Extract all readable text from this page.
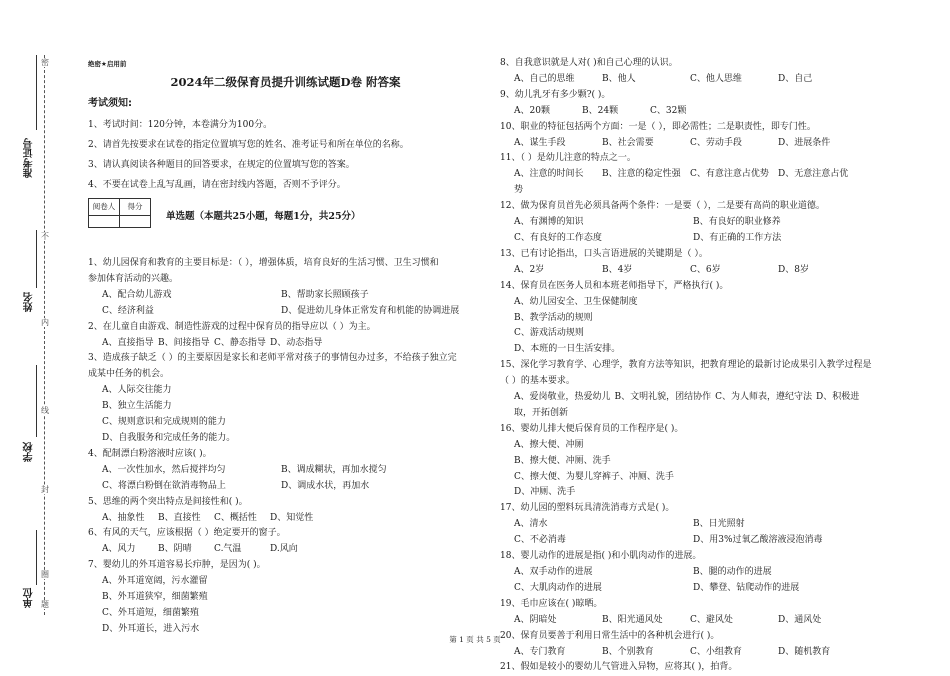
准考证号
姓名
学校
单位
密
不
内
线
封
圈
题

绝密★启用前

2024年二级保育员提升训练试题D卷 附答案

考试须知:

1、考试时间：120分钟，本卷满分为100分。

2、请首先按要求在试卷的指定位置填写您的姓名、准考证号和所在单位的名称。

3、请认真阅读各种题目的回答要求，在规定的位置填写您的答案。

4、不要在试卷上乱写乱画，请在密封线内答题，否则不予评分。

阅卷人	得分

单选题（本题共25小题，每题1分，共25分）

1、幼儿园保育和教育的主要目标是：（ ），增强体质，培育良好的生活习惯、卫生习惯和

参加体育活动的兴趣。

A、配合幼儿游戏	B、帮助家长照顾孩子

C、经济利益	D、促进幼儿身体正常发育和机能的协调进展

2、在儿童自由游戏、制造性游戏的过程中保育员的指导应以（ ）为主。

A、直接指导 B、间接指导 C、静态指导 D、动态指导

3、造成孩子缺乏（ ）的主要原因是家长和老师平常对孩子的事情包办过多，不给孩子独立完

成某中任务的机会。

A、人际交往能力

B、独立生活能力

C、规则意识和完成规则的能力

D、自我服务和完成任务的能力。

4、配制漂白粉溶液时应该( )。

A、一次性加水，然后搅拌均匀	B、调成糊状，再加水搅匀

C、将漂白粉倒在欲消毒物品上	D、调成水状，再加水

5、思维的两个突出特点是间接性和( )。

A、抽象性 B、直接性 C、概括性 D、知觉性

6、有风的天气，应该根据（ ）绝定要开的窗子。

A、风力	B、阴晴 C.气温	D.风向

7、婴幼儿的外耳道容易长疖肿，是因为( )。

A、外耳道宽阔，污水灌留

B、外耳道狭窄，细菌繁殖

C、外耳道短，细菌繁殖

D、外耳道长，进入污水

8、自我意识就是人对( )和自己心理的认识。

A、自己的思维	B、他人	C、他人思维	D、自己

9、幼儿乳牙有多少颗?( )。

A、20颗	B、24颗	C、32颗

10、职业的特征包括两个方面：一是（ ），即必需性；二是职责性，即专门性。

A、谋生手段	B、社会需要	C、劳动手段	D、进展条件

11、（ ）是幼儿注意的特点之一。

A、注意的时间长 B、注意的稳定性强 C、有意注意占优势 D、无意注意占优

势

12、做为保育员首先必须具备两个条件：一是要（ ），二是要有高尚的职业道德。

A、有渊博的知识	B、有良好的职业修养

C、有良好的工作态度	D、有正确的工作方法

13、已有讨论指出，口头言语进展的关键期是（ ）。

A、2岁	B、4岁	C、6岁	D、8岁

14、保育员在医务人员和本班老师指导下，严格执行( )。

A、幼儿园安全、卫生保健制度

B、教学活动的规则

C、游戏活动规则

D、本班的一日生活安排。

15、深化学习教育学、心理学，教育方法等知识，把教育理论的最新讨论成果引入教学过程是

（ ）的基本要求。

A、爱岗敬业，热爱幼儿 B、文明礼貌，团结协作 C、为人师表，遵纪守法 D、积极进

取，开拓创新

16、婴幼儿排大便后保育员的工作程序是( )。

A、擦大便、冲厕

B、擦大便、冲厕、洗手

C、擦大便、为婴儿穿裤子、冲厕、洗手

D、冲厕、洗手

17、幼儿园的塑料玩具清洗消毒方式是( )。

A、清水	B、日光照射

C、不必消毒	D、用3%过氧乙酸溶液浸泡消毒

18、婴儿动作的进展是指( )和小肌肉动作的进展。

A、双手动作的进展	B、腿的动作的进展

C、大肌肉动作的进展	D、攀登、钻爬动作的进展

19、毛巾应该在( )晾晒。

A、阴暗处	B、阳光通风处	C、避风处	D、通风处

20、保育员要善于利用日常生活中的各种机会进行( )。

A、专门教育	B、个别教育	C、小组教育	D、随机教育

21、假如是较小的婴幼儿气管进入异物，应将其( )，拍背。

第 1 页 共 5 页
